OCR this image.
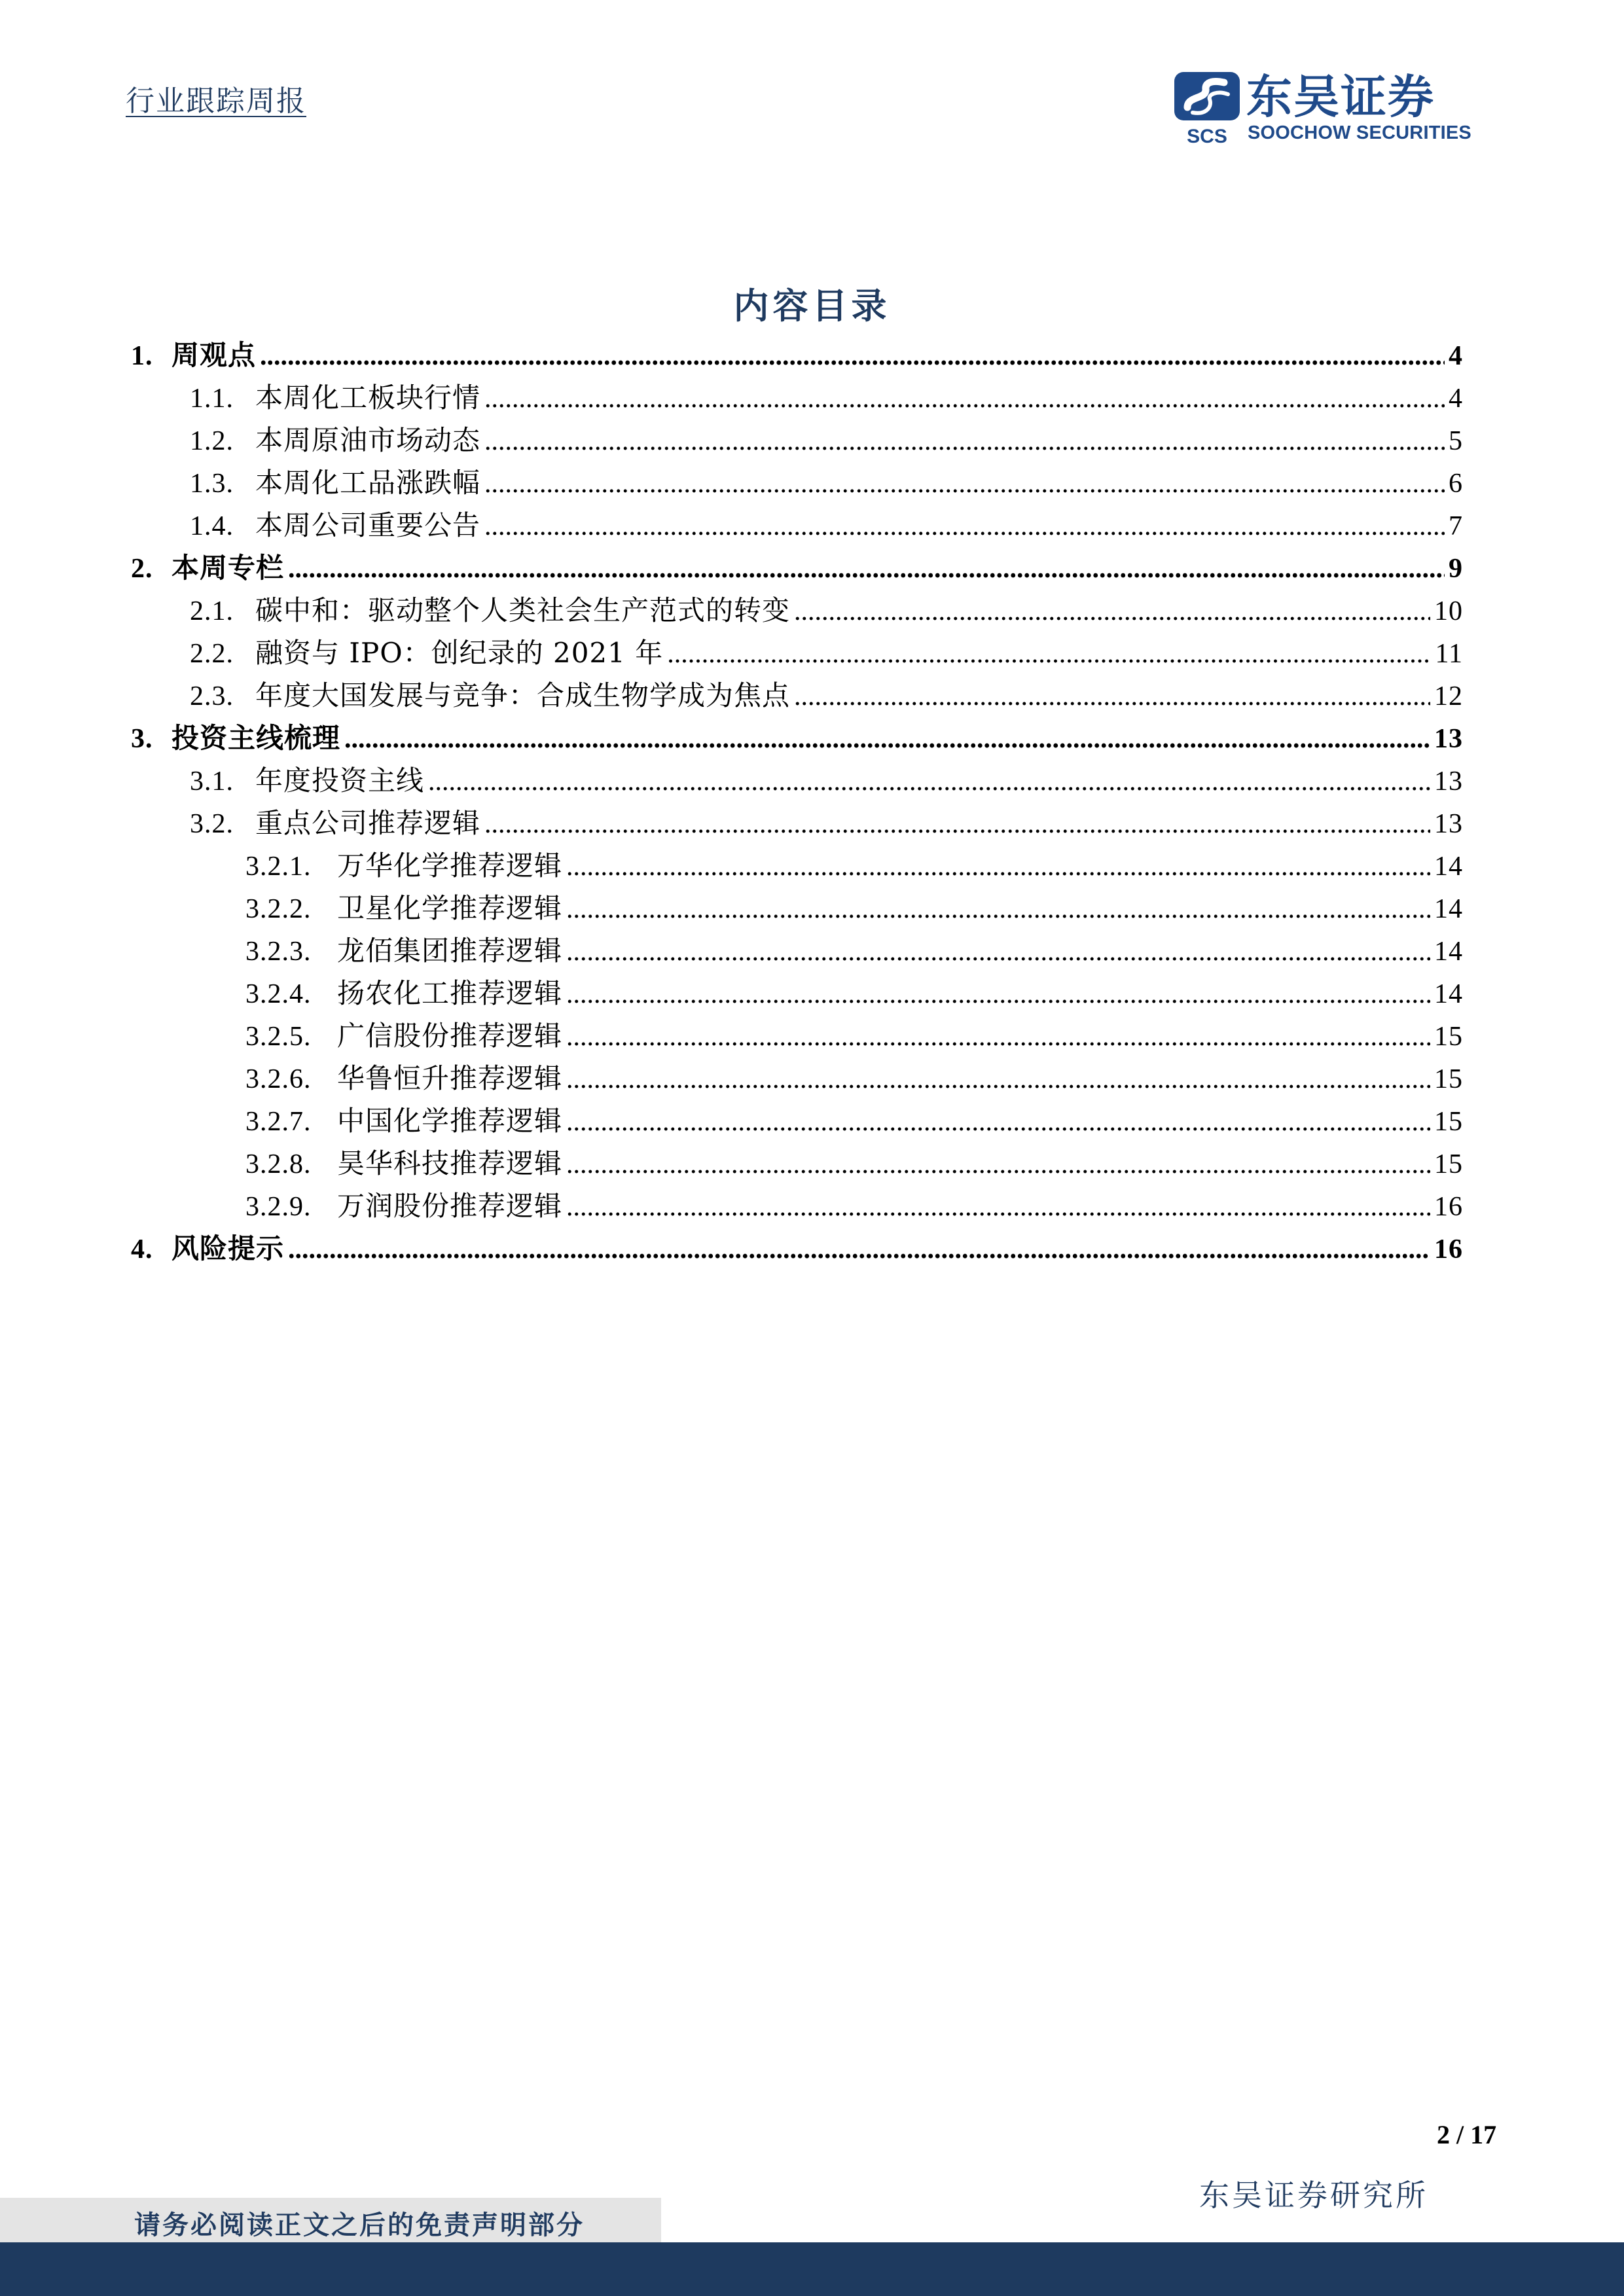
行业跟踪周报
SCS
东吴证券
SOOCHOW SECURITIES
内容目录
1. 周观点 .....	4
1.1. 本周化工板块行情 .....	4
1.2. 本周原油市场动态 .....	5
1.3. 本周化工品涨跌幅 .....	6
1.4. 本周公司重要公告 .....	7
2. 本周专栏 .....	9
2.1. 碳中和：驱动整个人类社会生产范式的转变 .....	10
2.2. 融资与 IPO：创纪录的 2021 年 .....	11
2.3. 年度大国发展与竞争：合成生物学成为焦点 .....	12
3. 投资主线梳理 .....	13
3.1. 年度投资主线 .....	13
3.2. 重点公司推荐逻辑 .....	13
3.2.1. 万华化学推荐逻辑 .....	14
3.2.2. 卫星化学推荐逻辑 .....	14
3.2.3. 龙佰集团推荐逻辑 .....	14
3.2.4. 扬农化工推荐逻辑 .....	14
3.2.5. 广信股份推荐逻辑 .....	15
3.2.6. 华鲁恒升推荐逻辑 .....	15
3.2.7. 中国化学推荐逻辑 .....	15
3.2.8. 昊华科技推荐逻辑 .....	15
3.2.9. 万润股份推荐逻辑 .....	16
4. 风险提示 .....	16
2 / 17
东吴证券研究所
请务必阅读正文之后的免责声明部分
